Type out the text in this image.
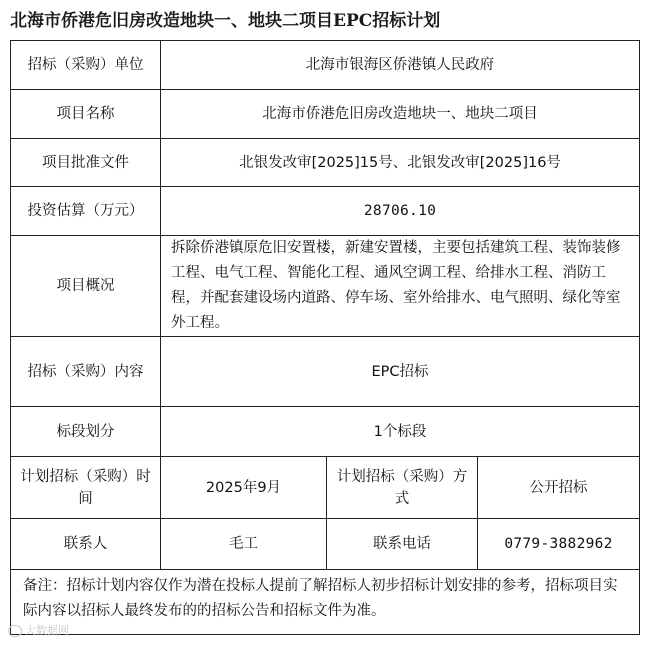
北海市侨港危旧房改造地块一、地块二项目EPC招标计划
招标（采购）单位	北海市银海区侨港镇人民政府		
项目名称	北海市侨港危旧房改造地块一、地块二项目		
项目批准文件	北银发改审[2025]15号、北银发改审[2025]16号		
投资估算（万元）	28706.10		
项目概况	拆除侨港镇原危旧安置楼，新建安置楼，主要包括建筑工程、装饰装修工程、电气工程、智能化工程、通风空调工程、给排水工程、消防工程，并配套建设场内道路、停车场、室外给排水、电气照明、绿化等室外工程。		
招标（采购）内容	EPC招标		
标段划分	1个标段		

计划招标（采购）时间	2025年9月	计划招标（采购）方式	公开招标
联系人	毛工	联系电话	0779-3882962
备注：招标计划内容仅作为潜在投标人提前了解招标人初步招标计划安排的参考，招标项目实际内容以招标人最终发布的的招标公告和招标文件为准。			
大数据网
